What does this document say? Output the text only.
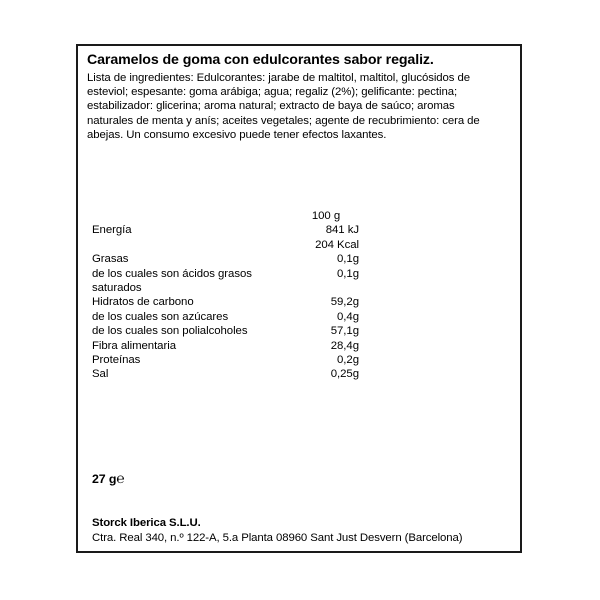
Caramelos de goma con edulcorantes sabor regaliz.
Lista de ingredientes: Edulcorantes: jarabe de maltitol, maltitol, glucósidos de esteviol; espesante: goma arábiga; agua; regaliz (2%); gelificante: pectina; estabilizador: glicerina; aroma natural; extracto de baya de saúco; aromas naturales de menta y anís; aceites vegetales; agente de recubrimiento: cera de abejas. Un consumo excesivo puede tener efectos laxantes.
100 g
Energía	841 kJ
204 Kcal
Grasas	0,1g
de los cuales son ácidos grasos	0,1g
saturados
Hidratos de carbono	59,2g
de los cuales son azúcares	0,4g
de los cuales son polialcoholes	57,1g
Fibra alimentaria	28,4g
Proteínas	0,2g
Sal	0,25g
27 g℮
Storck Iberica S.L.U.
Ctra. Real 340, n.º 122-A, 5.a Planta 08960 Sant Just Desvern (Barcelona)
